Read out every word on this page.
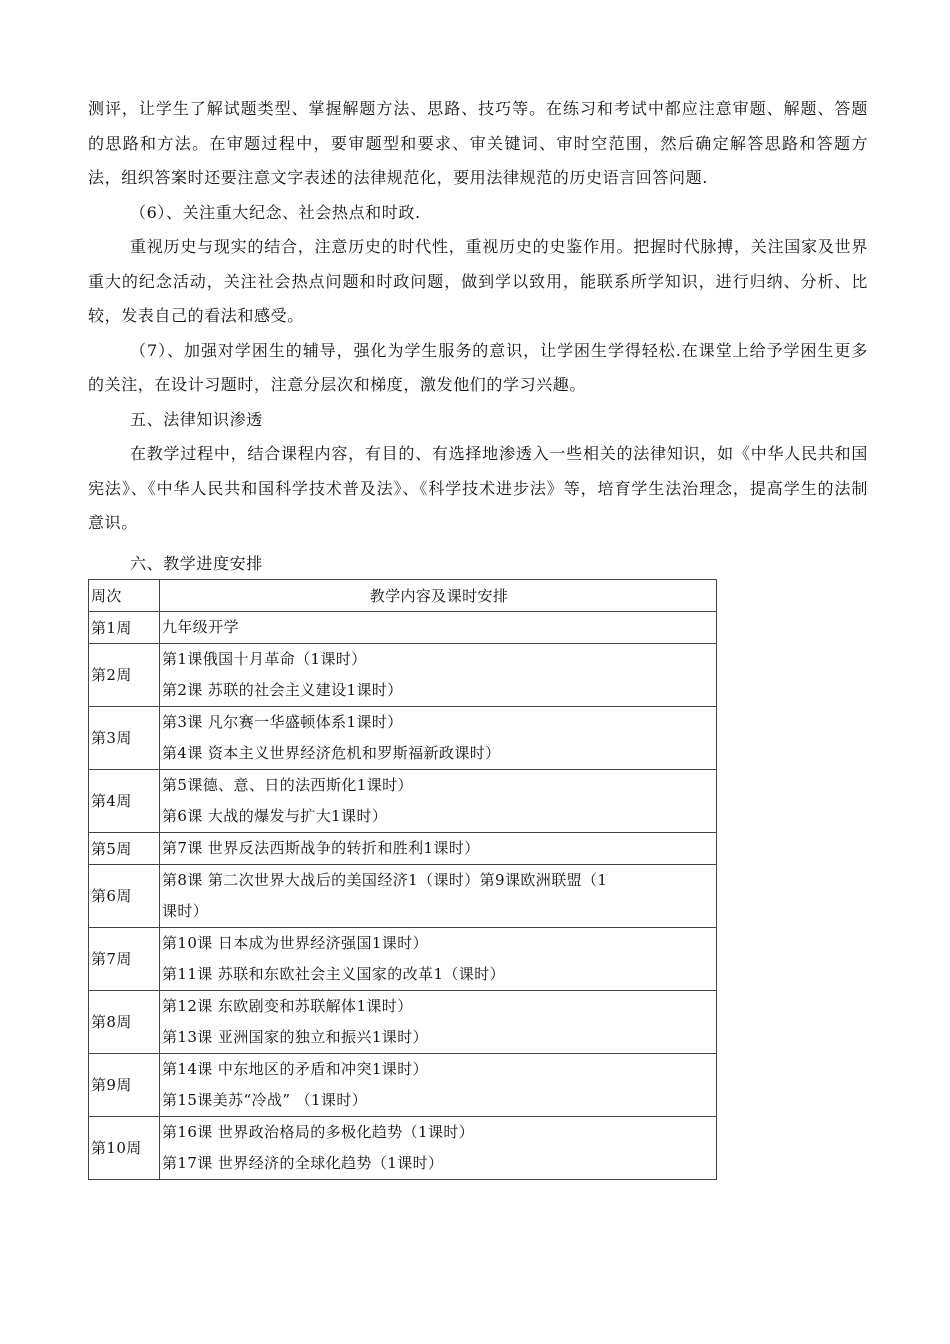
测评，让学生了解试题类型、掌握解题方法、思路、技巧等。在练习和考试中都应注意审题、解题、答题的思路和方法。在审题过程中，要审题型和要求、审关键词、审时空范围，然后确定解答思路和答题方法，组织答案时还要注意文字表述的法律规范化，要用法律规范的历史语言回答问题.

（6）、关注重大纪念、社会热点和时政.

重视历史与现实的结合，注意历史的时代性，重视历史的史鉴作用。把握时代脉搏，关注国家及世界重大的纪念活动，关注社会热点问题和时政问题，做到学以致用，能联系所学知识，进行归纳、分析、比较，发表自己的看法和感受。

（7）、加强对学困生的辅导，强化为学生服务的意识，让学困生学得轻松.在课堂上给予学困生更多的关注，在设计习题时，注意分层次和梯度，激发他们的学习兴趣。

五、法律知识渗透

在教学过程中，结合课程内容，有目的、有选择地渗透入一些相关的法律知识，如《中华人民共和国宪法》、《中华人民共和国科学技术普及法》、《科学技术进步法》等，培育学生法治理念，提高学生的法制意识。

六、教学进度安排

周次	教学内容及课时安排
第1周	九年级开学

第2周	第1课俄国十月革命（1课时）
第2课 苏联的社会主义建设1课时）

第3周	第3课 凡尔赛一华盛顿体系1课时）
第4课 资本主义世界经济危机和罗斯福新政课时）

第4周	第5课德、意、日的法西斯化1课时）
第6课 大战的爆发与扩大1课时）

第5周	第7课 世界反法西斯战争的转折和胜利1课时）

第6周	第8课 第二次世界大战后的美国经济1（课时）第9课欧洲联盟（1
课时）

第7周	第10课 日本成为世界经济强国1课时）
第11课 苏联和东欧社会主义国家的改革1（课时）

第8周	第12课 东欧剧变和苏联解体1课时）
第13课 亚洲国家的独立和振兴1课时）

第9周	第14课 中东地区的矛盾和冲突1课时）
第15课美苏“冷战” （1课时）

第10周	第16课 世界政治格局的多极化趋势（1课时）
第17课 世界经济的全球化趋势（1课时）
